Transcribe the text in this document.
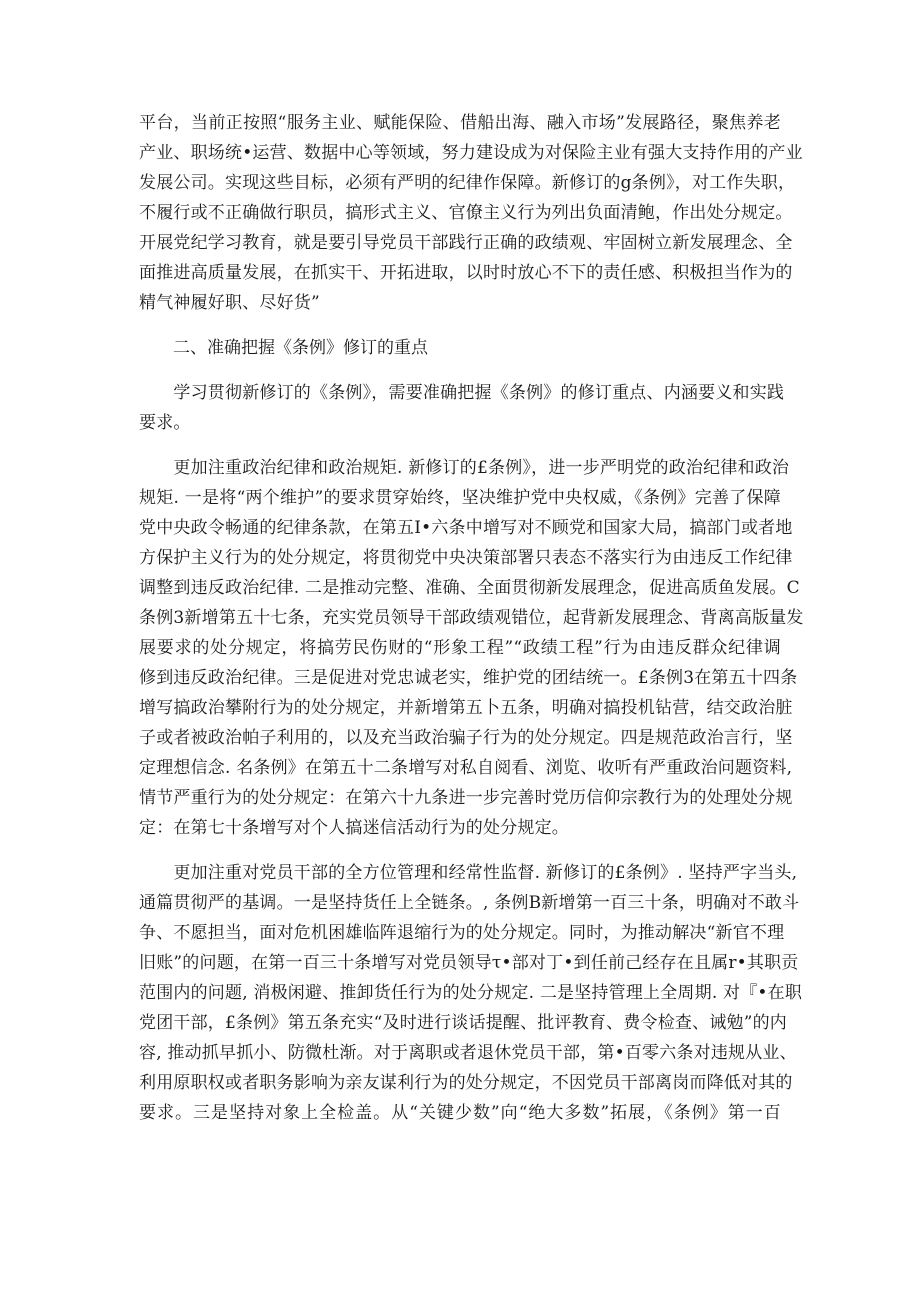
平台，当前正按照“服务主业、赋能保险、借船出海、融入市场”发展路径，聚焦养老
产业、职场统•运营、数据中心等领域，努力建设成为对保险主业有强大支持作用的产业
发展公司。实现这些目标，必须有严明的纪律作保障。新修订的g条例》，对工作失职，
不履行或不正确做行职员，搞形式主义、官僚主义行为列出负面清鲍，作出处分规定。
开展党纪学习教育，就是要引导党员干部践行正确的政绩观、牢固树立新发展理念、全
面推进高质量发展，在抓实干、开拓进取，以时时放心不下的责任感、积极担当作为的
精气神履好职、尽好货”
二、准确把握《条例》修订的重点
　　学习贯彻新修订的《条例》，需要准确把握《条例》的修订重点、内涵要义和实践
要求。
　　更加注重政治纪律和政治规矩. 新修订的£条例》，进一步严明党的政治纪律和政治
规矩. 一是将“两个维护”的要求贯穿始终，坚决维护党中央权威，《条例》完善了保障
党中央政令畅通的纪律条款，在第五I•六条中增写对不顾党和国家大局，搞部门或者地
方保护主义行为的处分规定，将贯彻党中央决策部署只表态不落实行为由违反工作纪律
调整到违反政治纪律. 二是推动完整、准确、全面贯彻新发展理念，促进高质鱼发展。C
条例3新增第五十七条，充实党员领导干部政绩观错位，起背新发展理念、背离高版量发
展要求的处分规定，将搞劳民伤财的“形象工程”“政绩工程”行为由违反群众纪律调
修到违反政治纪律。三是促进对党忠诚老实，维护党的团结统一。£条例3在第五十四条
增写搞政治攀附行为的处分规定，并新增第五卜五条，明确对搞投机钻营，结交政治脏
子或者被政治帕子利用的，以及充当政治骗子行为的处分规定。四是规范政治言行，坚
定理想信念. 名条例》在第五十二条增写对私自阅看、浏览、收听有严重政治问题资料,
情节严重行为的处分规定：在第六十九条进一步完善时党历信仰宗教行为的处理处分规
定：在第七十条增写对个人搞迷信活动行为的处分规定。
　　更加注重对党员干部的全方位管理和经常性监督. 新修订的£条例》. 坚持严字当头,
通篇贯彻严的基调。一是坚持货任上全链条。, 条例B新增第一百三十条，明确对不敢斗
争、不愿担当，面对危机困雄临阵退缩行为的处分规定。同时，为推动解决“新官不理
旧账”的问题，在第一百三十条增写对党员领导τ•部对丁•到任前己经存在且属r•其职贡
范围内的问题, 消极闲避、推卸货任行为的处分规定. 二是坚持管理上全周期. 对『•在职
党团干部，£条例》第五条充实“及时进行谈话提醒、批评教育、费令检查、诫勉”的内
容, 推动抓早抓小、防微杜渐。对于离职或者退休党员干部，第•百零六条对违规从业、
利用原职权或者职务影响为亲友谋利行为的处分规定，不因党员干部离岗而降低对其的
要求。三是坚持对象上全检盖。从“关键少数”向“绝大多数”拓展，《条例》第一百
